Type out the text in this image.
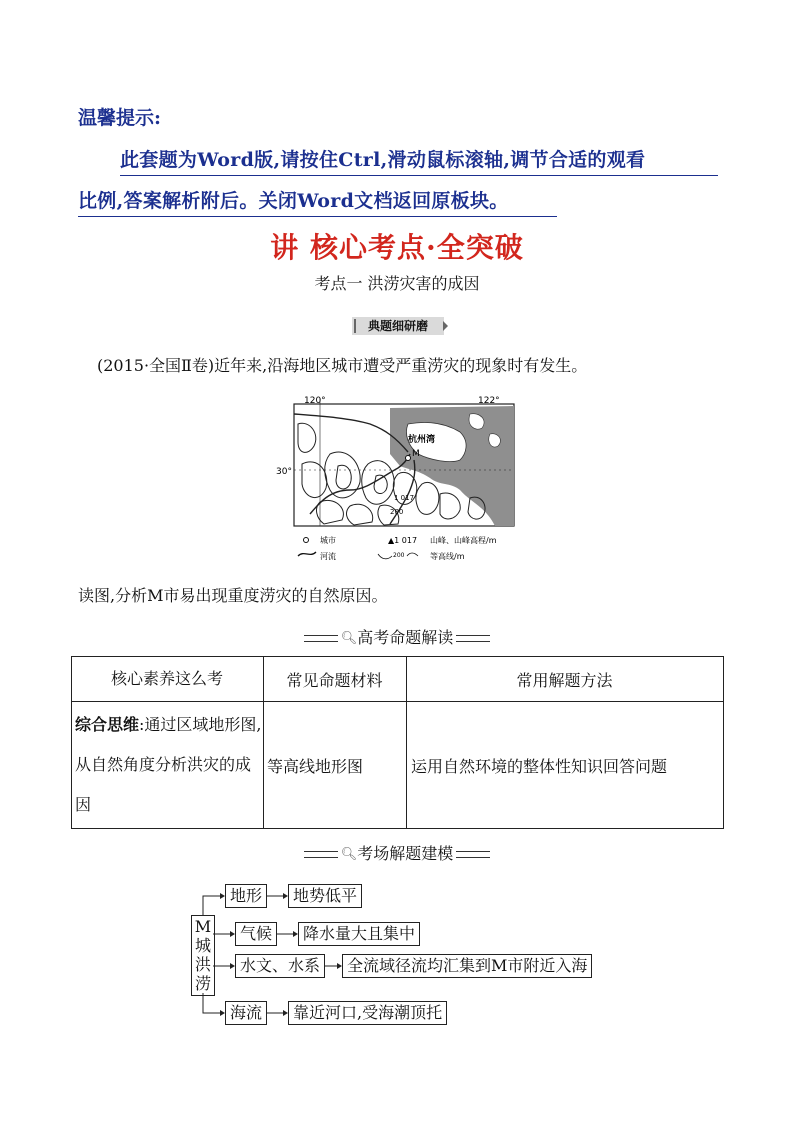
温馨提示:
此套题为Word版,请按住Ctrl,滑动鼠标滚轴,调节合适的观看
比例,答案解析附后。关闭Word文档返回原板块。
讲 核心考点·全突破
考点一 洪涝灾害的成因
典题细研磨
(2015·全国Ⅱ卷)近年来,沿海地区城市遭受严重涝灾的现象时有发生。
120°	122°
30°
杭州湾
M
1 017
200
城市	▲1 017 山峰、山峰高程/m
河流	200	等高线/m
读图,分析M市易出现重度涝灾的自然原因。
🔍︎高考命题解读
核心素养这么考	常见命题材料	常用解题方法
综合思维:通过区域地形图,从自然角度分析洪灾的成因	等高线地形图	运用自然环境的整体性知识回答问题
🔍︎考场解题建模
M
城
洪
涝
地形	地势低平
气候	降水量大且集中
水文、水系	全流域径流均汇集到M市附近入海
海流	靠近河口,受海潮顶托
